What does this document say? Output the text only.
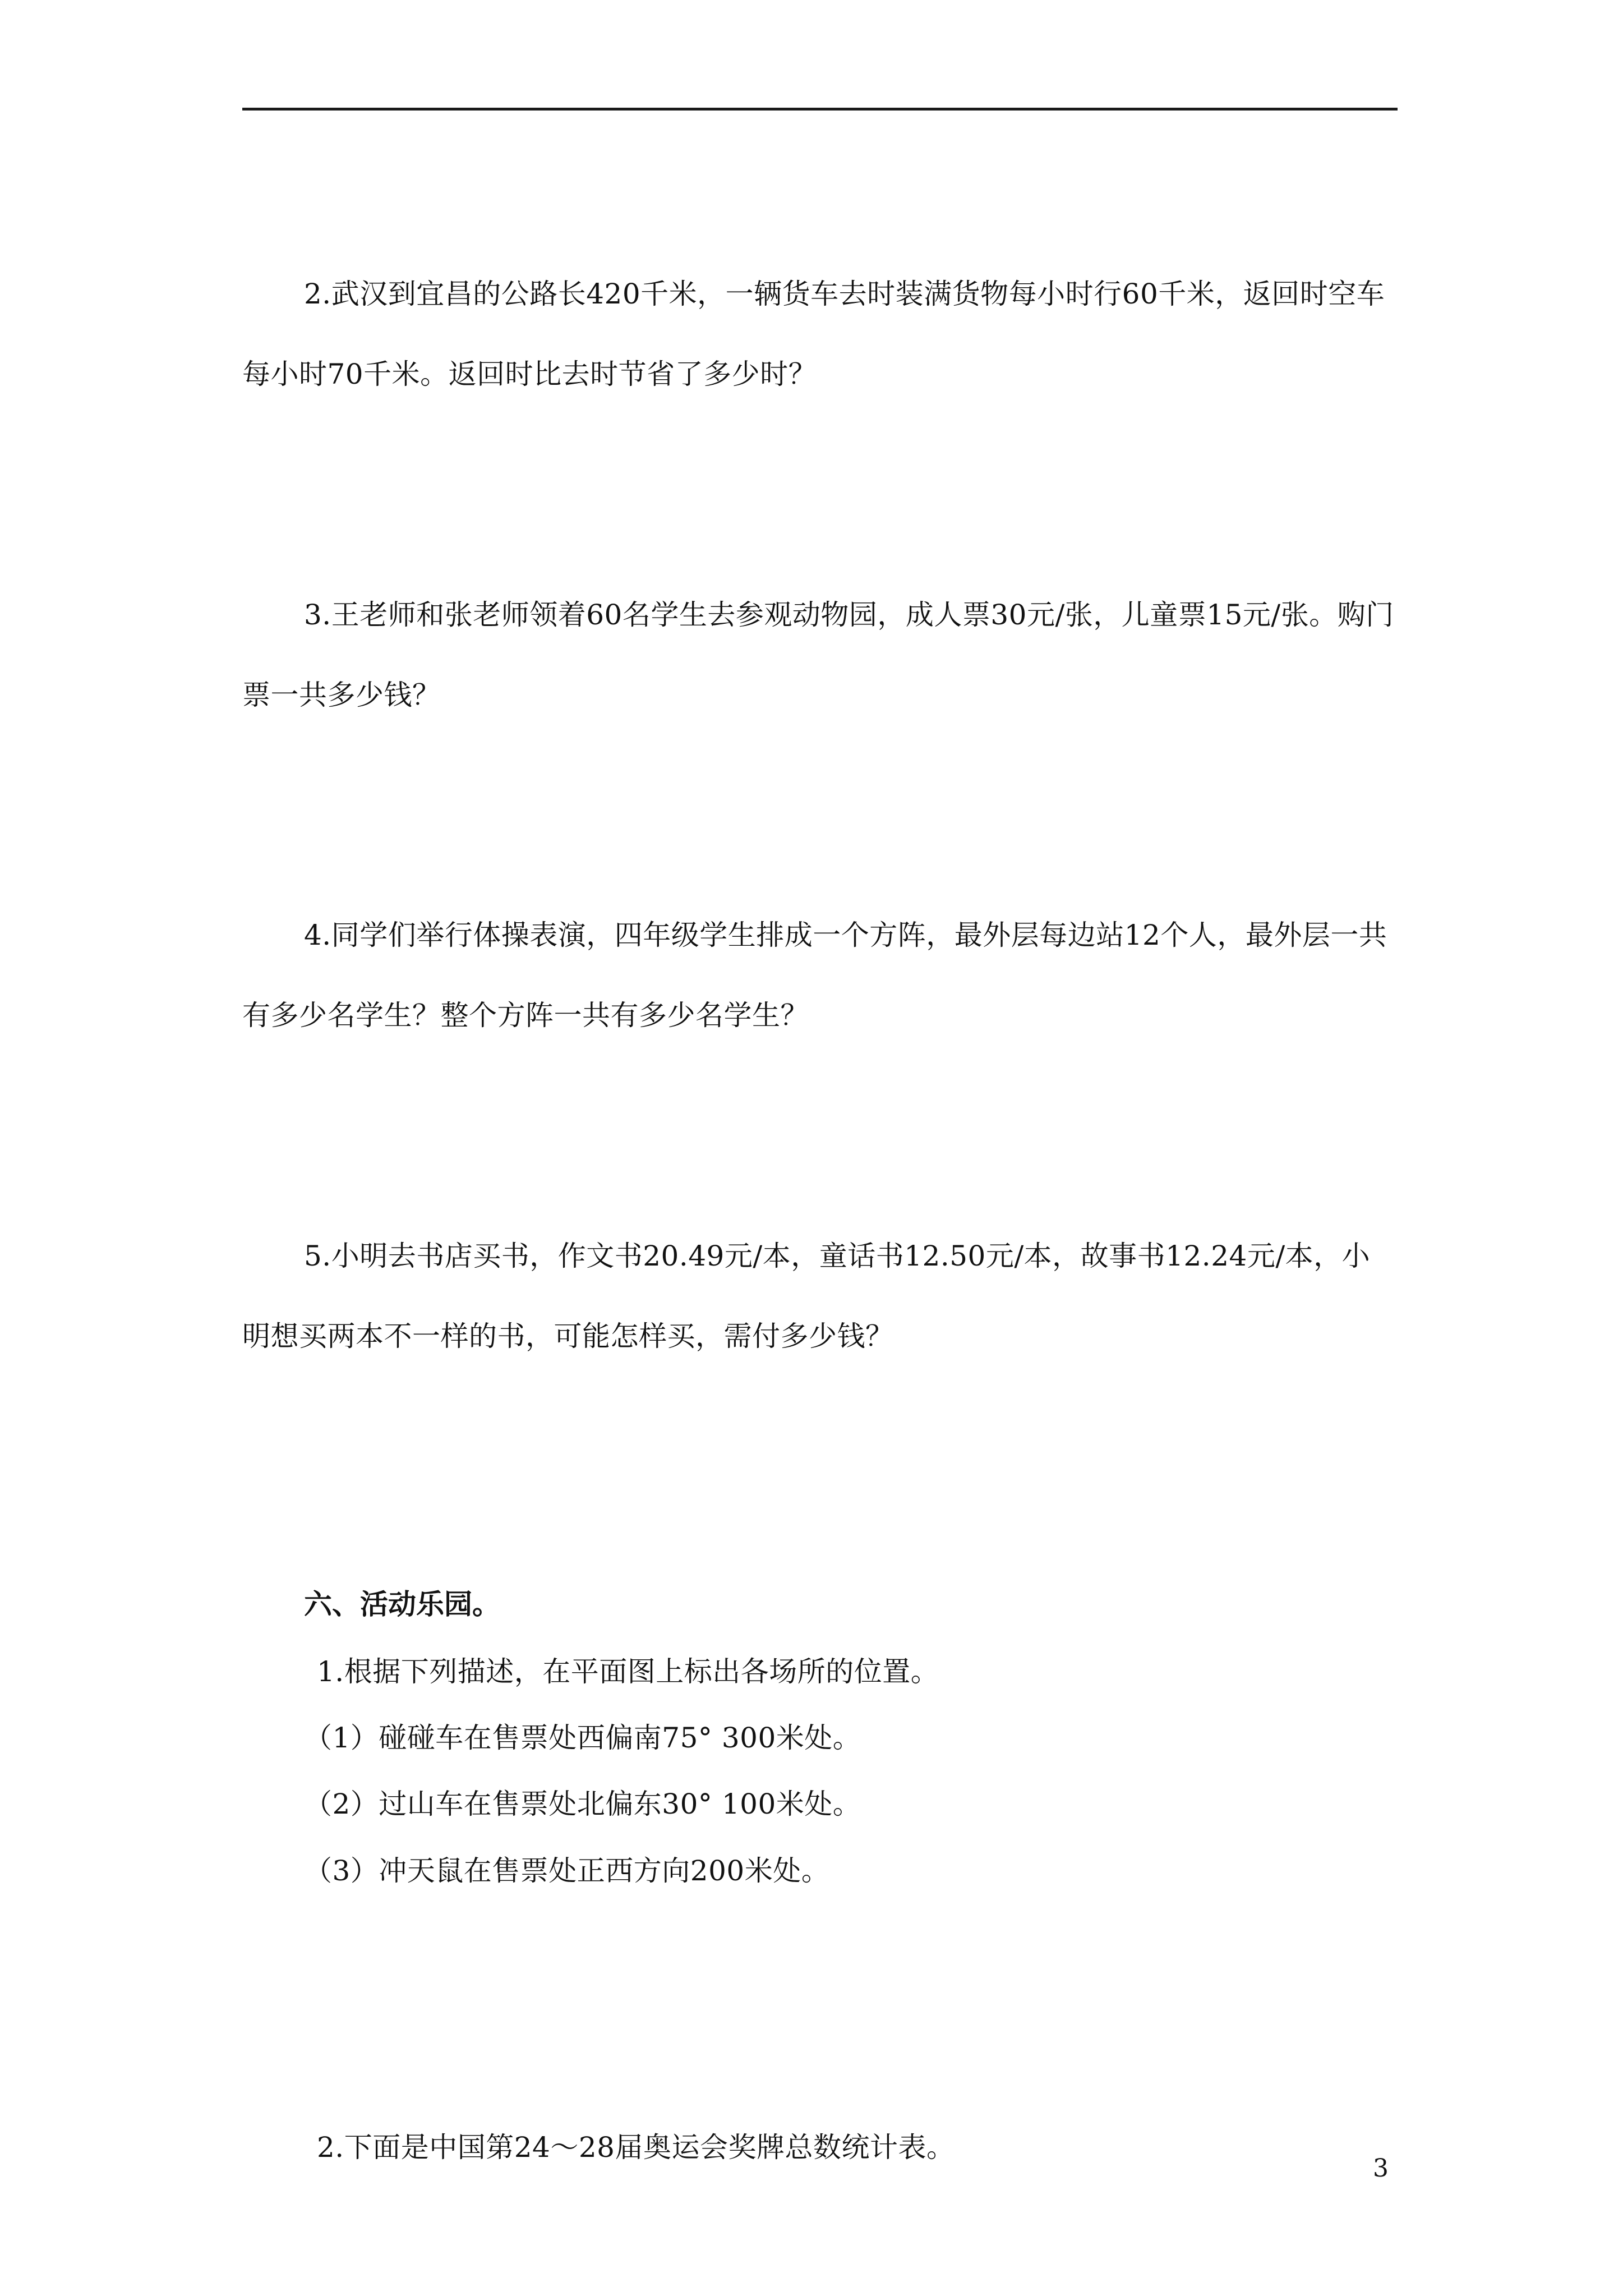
2.武汉到宜昌的公路长420千米，一辆货车去时装满货物每小时行60千米，返回时空车每小时70千米。返回时比去时节省了多少时？

3.王老师和张老师领着60名学生去参观动物园，成人票30元/张，儿童票15元/张。购门票一共多少钱？

4.同学们举行体操表演，四年级学生排成一个方阵，最外层每边站12个人，最外层一共有多少名学生？整个方阵一共有多少名学生？

5.小明去书店买书，作文书20.49元/本，童话书12.50元/本，故事书12.24元/本，小明想买两本不一样的书，可能怎样买，需付多少钱？

六、活动乐园。

1.根据下列描述，在平面图上标出各场所的位置。

（1）碰碰车在售票处西偏南75° 300米处。

（2）过山车在售票处北偏东30° 100米处。

（3）冲天鼠在售票处正西方向200米处。

2.下面是中国第24～28届奥运会奖牌总数统计表。

3
